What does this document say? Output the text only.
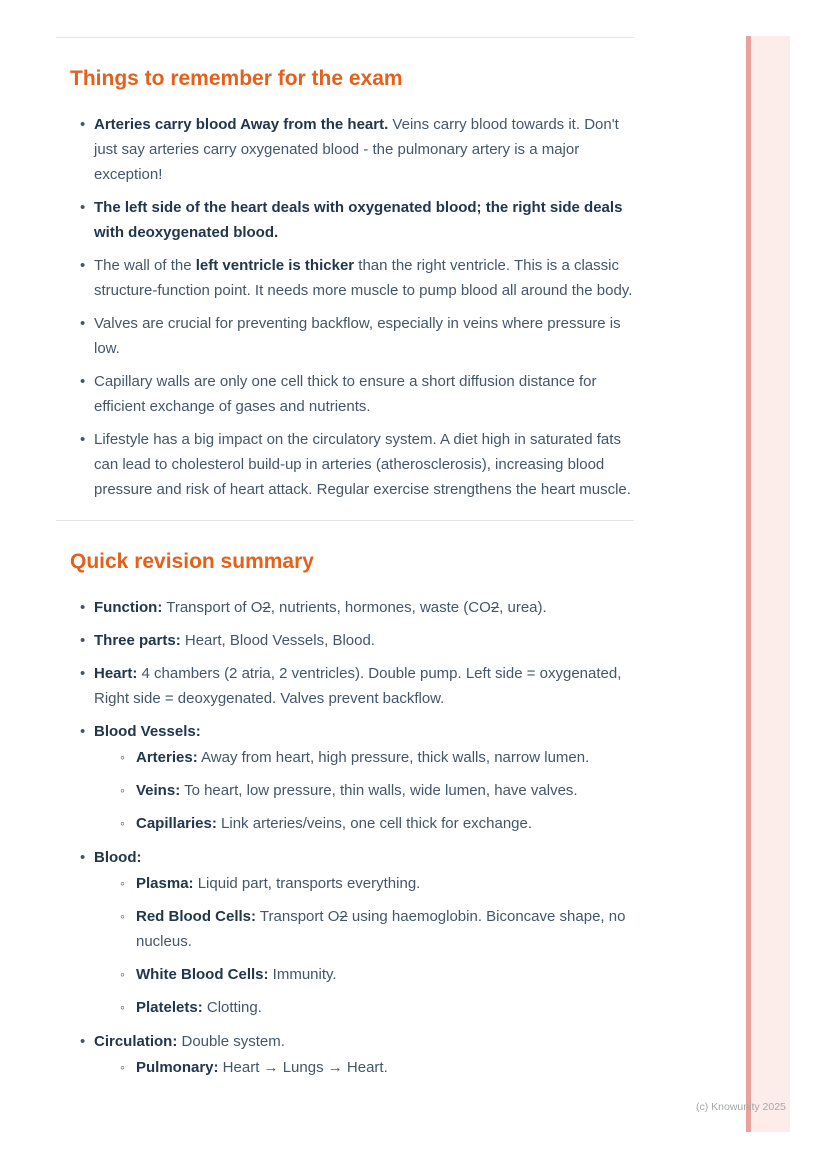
(c) Knowunity 2025
Things to remember for the exam
• Arteries carry blood Away from the heart. Veins carry blood towards it. Don't just say arteries carry oxygenated blood - the pulmonary artery is a major exception!
• The left side of the heart deals with oxygenated blood; the right side deals with deoxygenated blood.
• The wall of the left ventricle is thicker than the right ventricle. This is a classic structure-function point. It needs more muscle to pump blood all around the body.
• Valves are crucial for preventing backflow, especially in veins where pressure is low.
• Capillary walls are only one cell thick to ensure a short diffusion distance for efficient exchange of gases and nutrients.
• Lifestyle has a big impact on the circulatory system. A diet high in saturated fats can lead to cholesterol build-up in arteries (atherosclerosis), increasing blood pressure and risk of heart attack. Regular exercise strengthens the heart muscle.
Quick revision summary
• Function: Transport of O2, nutrients, hormones, waste (CO2, urea).
• Three parts: Heart, Blood Vessels, Blood.
• Heart: 4 chambers (2 atria, 2 ventricles). Double pump. Left side = oxygenated, Right side = deoxygenated. Valves prevent backflow.
• Blood Vessels:
◦ Arteries: Away from heart, high pressure, thick walls, narrow lumen.
◦ Veins: To heart, low pressure, thin walls, wide lumen, have valves.
◦ Capillaries: Link arteries/veins, one cell thick for exchange.
• Blood:
◦ Plasma: Liquid part, transports everything.
◦ Red Blood Cells: Transport O2 using haemoglobin. Biconcave shape, no nucleus.
◦ White Blood Cells: Immunity.
◦ Platelets: Clotting.
• Circulation: Double system.
◦ Pulmonary: Heart → Lungs → Heart.
